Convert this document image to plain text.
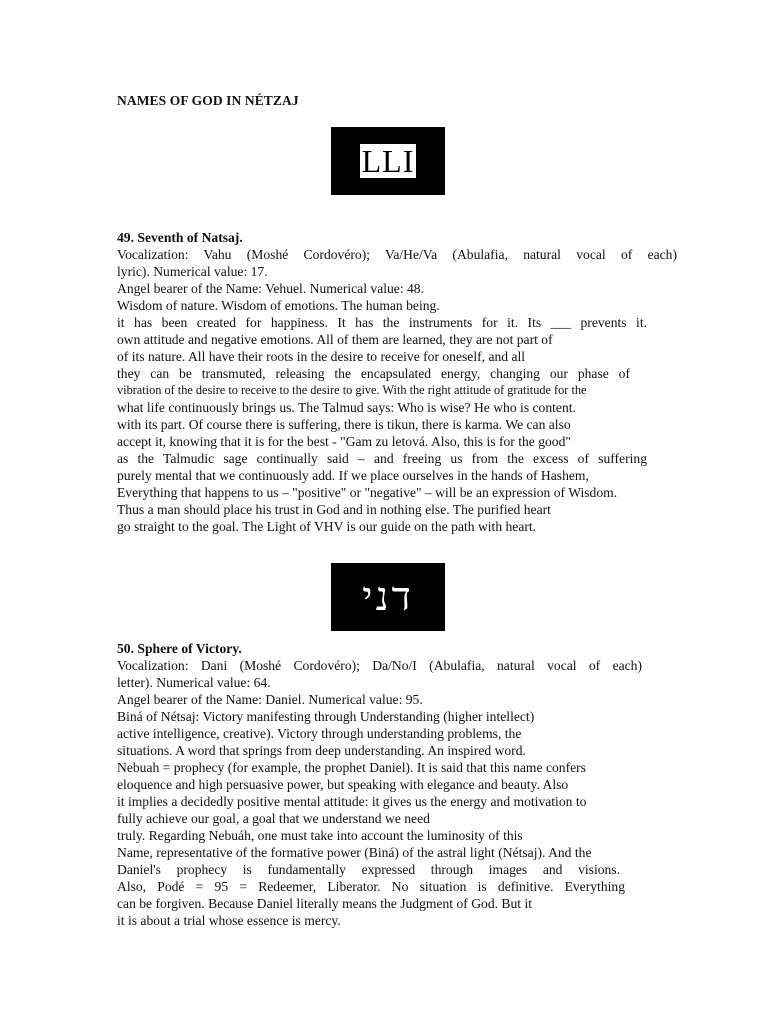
NAMES OF GOD IN NÉTZAJ
LLI
49. Seventh of Natsaj.
Vocalization: Vahu (Moshé Cordovéro); Va/He/Va (Abulafia, natural vocal of each)
lyric). Numerical value: 17.
Angel bearer of the Name: Vehuel. Numerical value: 48.
Wisdom of nature. Wisdom of emotions. The human being.
it has been created for happiness. It has the instruments for it. Its ___ prevents it.
own attitude and negative emotions. All of them are learned, they are not part of
of its nature. All have their roots in the desire to receive for oneself, and all
they can be transmuted, releasing the encapsulated energy, changing our phase of
vibration of the desire to receive to the desire to give. With the right attitude of gratitude for the
what life continuously brings us. The Talmud says: Who is wise? He who is content.
with its part. Of course there is suffering, there is tikun, there is karma. We can also
accept it, knowing that it is for the best - "Gam zu letová. Also, this is for the good"
as the Talmudic sage continually said – and freeing us from the excess of suffering
purely mental that we continuously add. If we place ourselves in the hands of Hashem,
Everything that happens to us – "positive" or "negative" – will be an expression of Wisdom.
Thus a man should place his trust in God and in nothing else. The purified heart
go straight to the goal. The Light of VHV is our guide on the path with heart.
דני
50. Sphere of Victory.
Vocalization: Dani (Moshé Cordovéro); Da/No/I (Abulafia, natural vocal of each)
letter). Numerical value: 64.
Angel bearer of the Name: Daniel. Numerical value: 95.
Biná of Nétsaj: Victory manifesting through Understanding (higher intellect)
active intelligence, creative). Victory through understanding problems, the
situations. A word that springs from deep understanding. An inspired word.
Nebuah = prophecy (for example, the prophet Daniel). It is said that this name confers
eloquence and high persuasive power, but speaking with elegance and beauty. Also
it implies a decidedly positive mental attitude: it gives us the energy and motivation to
fully achieve our goal, a goal that we understand we need
truly. Regarding Nebuáh, one must take into account the luminosity of this
Name, representative of the formative power (Biná) of the astral light (Nétsaj). And the
Daniel's prophecy is fundamentally expressed through images and visions.
Also, Podé = 95 = Redeemer, Liberator. No situation is definitive. Everything
can be forgiven. Because Daniel literally means the Judgment of God. But it
it is about a trial whose essence is mercy.
